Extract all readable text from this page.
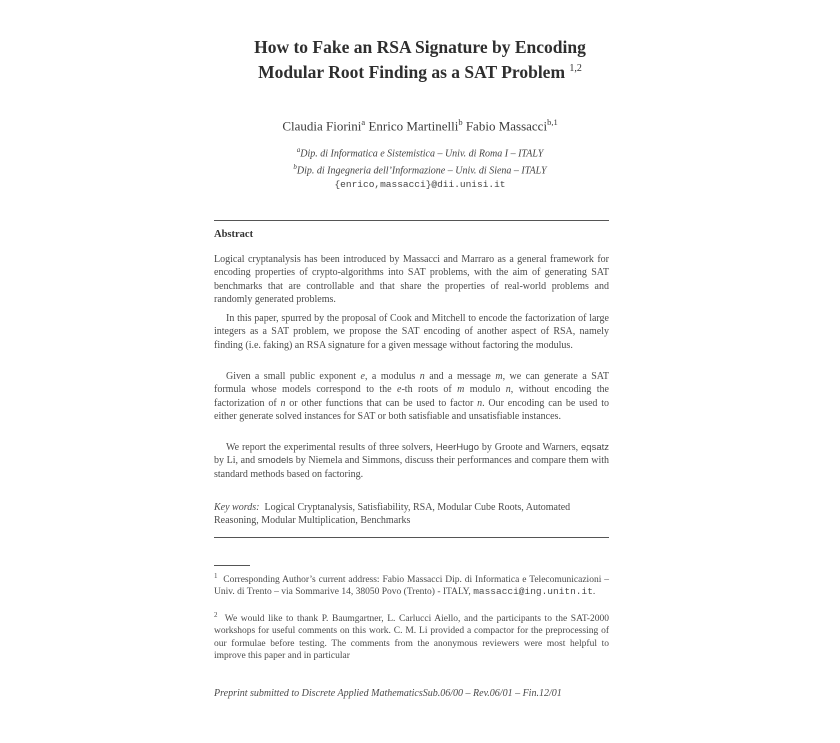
How to Fake an RSA Signature by Encoding
Modular Root Finding as a SAT Problem $^{1,2}$
Claudia Fiorini$^a$ Enrico Martinelli$^b$ Fabio Massacci$^{b,1}$
$^a$Dip. di Informatica e Sistemistica – Univ. di Roma I – ITALY
$^b$Dip. di Ingegneria dell’Informazione – Univ. di Siena – ITALY
{enrico,massacci}@dii.unisi.it
Abstract
Logical cryptanalysis has been introduced by Massacci and Marraro as a general framework for encoding properties of crypto-algorithms into SAT problems, with the aim of generating SAT benchmarks that are controllable and that share the properties of real-world problems and randomly generated problems.
In this paper, spurred by the proposal of Cook and Mitchell to encode the factorization of large integers as a SAT problem, we propose the SAT encoding of another aspect of RSA, namely finding (i.e. faking) an RSA signature for a given message without factoring the modulus.
Given a small public exponent e, a modulus n and a message m, we can generate a SAT formula whose models correspond to the e-th roots of m modulo n, without encoding the factorization of n or other functions that can be used to factor n. Our encoding can be used to either generate solved instances for SAT or both satisfiable and unsatisfiable instances.
We report the experimental results of three solvers, HeerHugo by Groote and Warners, eqsatz by Li, and smodels by Niemela and Simmons, discuss their performances and compare them with standard methods based on factoring.
Key words: Logical Cryptanalysis, Satisfiability, RSA, Modular Cube Roots, Automated Reasoning, Modular Multiplication, Benchmarks
$^1$ Corresponding Author’s current address: Fabio Massacci Dip. di Informatica e Telecomunicazioni – Univ. di Trento – via Sommarive 14, 38050 Povo (Trento) - ITALY, massacci@ing.unitn.it.
$^2$ We would like to thank P. Baumgartner, L. Carlucci Aiello, and the participants to the SAT-2000 workshops for useful comments on this work. C. M. Li provided a compactor for the preprocessing of our formulae before testing. The comments from the anonymous reviewers were most helpful to improve this paper and in particular
Preprint submitted to Discrete Applied MathematicsSub.06/00 – Rev.06/01 – Fin.12/01
